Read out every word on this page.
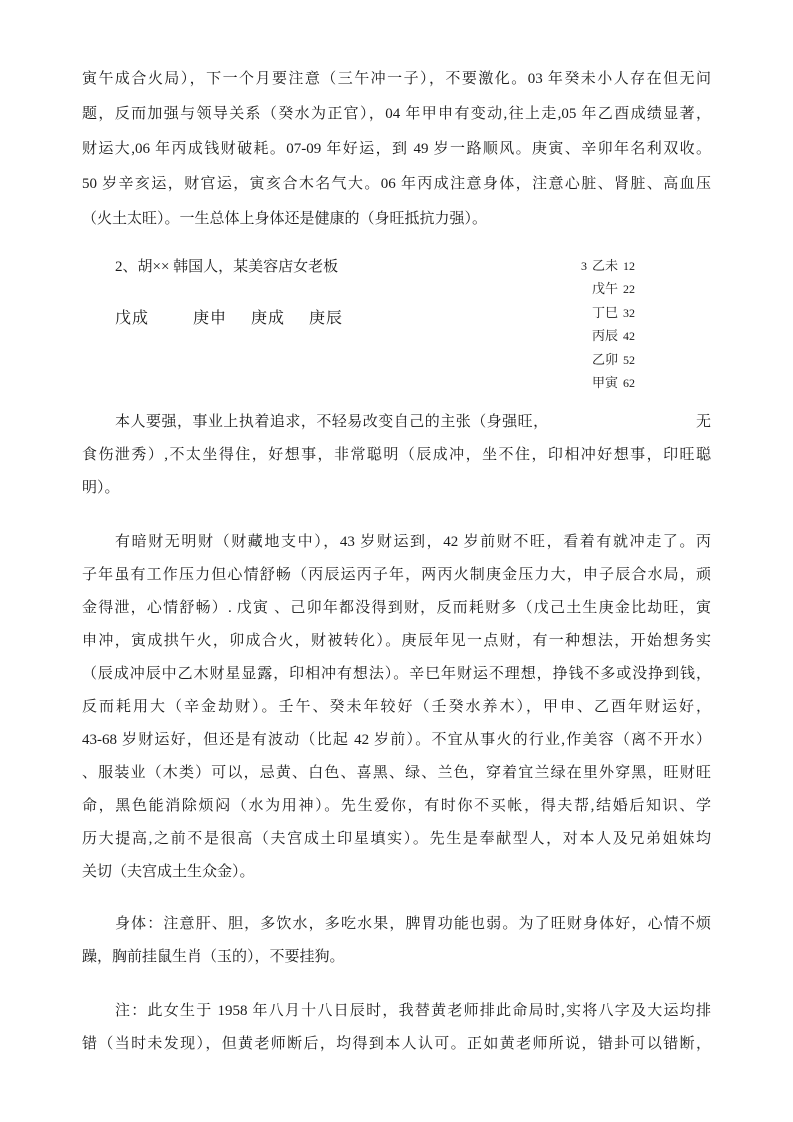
寅午成合火局），下一个月要注意（三午冲一子），不要激化。03 年癸未小人存在但无问
题，反而加强与领导关系（癸水为正官），04 年甲申有变动,往上走,05 年乙酉成绩显著，
财运大,06 年丙成钱财破耗。07-09 年好运，到 49 岁一路顺风。庚寅、辛卯年名利双收。
50 岁辛亥运，财官运，寅亥合木名气大。06 年丙成注意身体，注意心脏、肾脏、高血压
（火土太旺）。一生总体上身体还是健康的（身旺抵抗力强）。
2、胡×× 韩国人，某美容店女老板	3 乙未 12
戊午 22
丁巳 32
丙辰 42
乙卯 52
甲寅 62
戊成	庚申 庚成 庚辰
本人要强，事业上执着追求，不轻易改变自己的主张（身强旺，　　　　　　　　　　无
食伤泄秀）,不太坐得住，好想事，非常聪明（辰成冲，坐不住，印相冲好想事，印旺聪
明）。
有暗财无明财（财藏地支中），43 岁财运到，42 岁前财不旺，看着有就冲走了。丙
子年虽有工作压力但心情舒畅（丙辰运丙子年，两丙火制庚金压力大，申子辰合水局，顽
金得泄，心情舒畅）. 戊寅 、己卯年都没得到财，反而耗财多（戊己土生庚金比劫旺，寅
申冲，寅成拱午火，卯成合火，财被转化）。庚辰年见一点财，有一种想法，开始想务实
（辰成冲辰中乙木财星显露，印相冲有想法）。辛巳年财运不理想，挣钱不多或没挣到钱，
反而耗用大（辛金劫财）。壬午、癸未年较好（壬癸水养木），甲申、乙酉年财运好，
43-68 岁财运好，但还是有波动（比起 42 岁前）。不宜从事火的行业,作美容（离不开水）
、服装业（木类）可以，忌黄、白色、喜黑、绿、兰色，穿着宜兰绿在里外穿黑，旺财旺
命，黑色能消除烦闷（水为用神）。先生爱你，有时你不买帐，得夫帮,结婚后知识、学
历大提高,之前不是很高（夫宫成土印星填实）。先生是奉献型人，对本人及兄弟姐妹均
关切（夫宫成土生众金）。
身体：注意肝、胆，多饮水，多吃水果，脾胃功能也弱。为了旺财身体好，心情不烦
躁，胸前挂鼠生肖（玉的），不要挂狗。
注：此女生于 1958 年八月十八日辰时，我替黄老师排此命局时,实将八字及大运均排
错（当时未发现），但黄老师断后，均得到本人认可。正如黄老师所说，错卦可以错断，
